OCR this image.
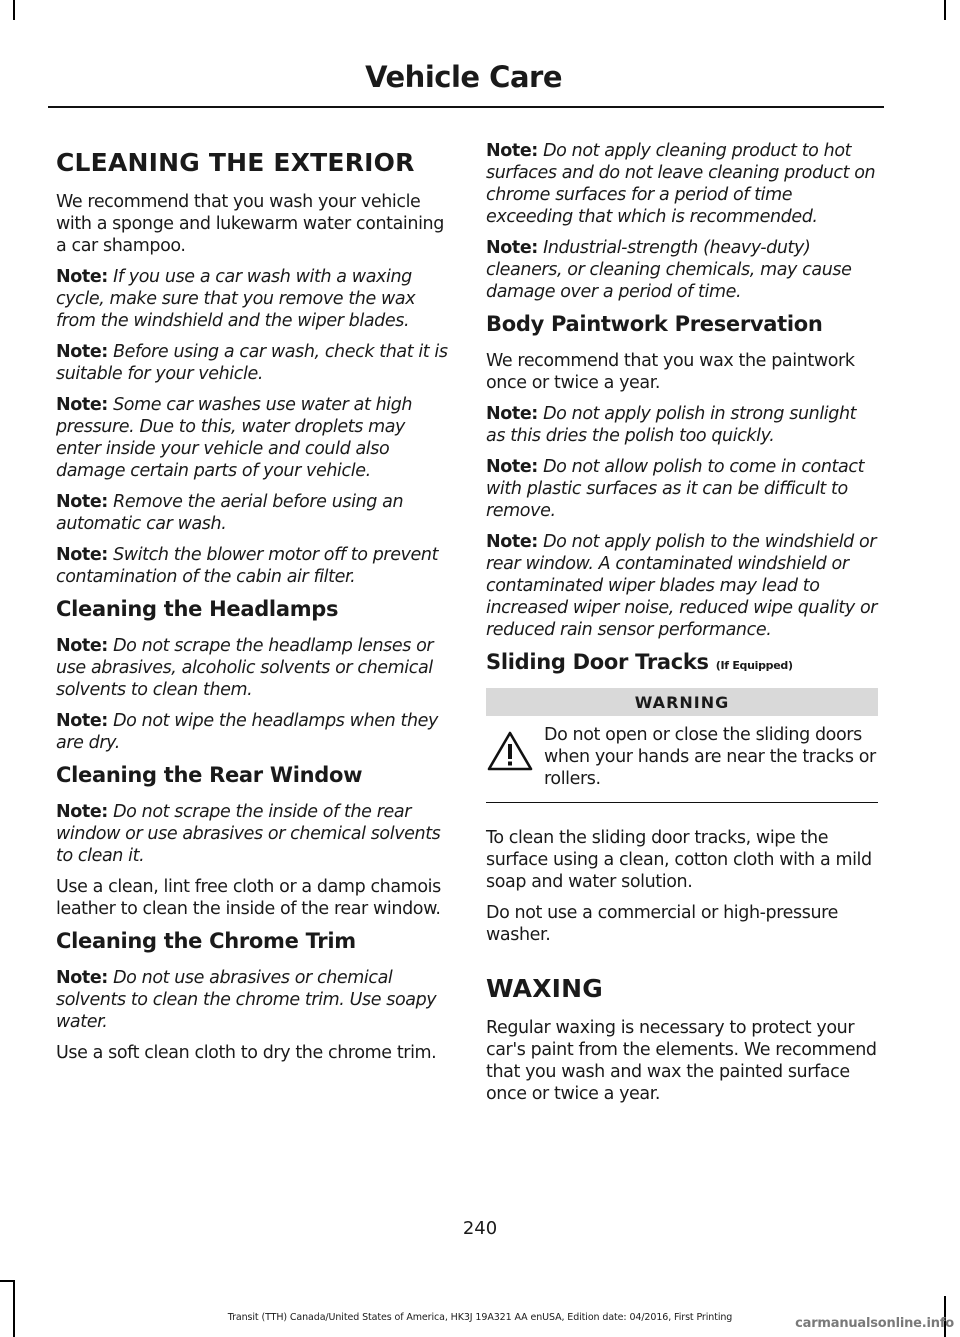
Vehicle Care
CLEANING THE EXTERIOR

We recommend that you wash your vehicle with a sponge and lukewarm water containing a car shampoo.

Note: If you use a car wash with a waxing cycle, make sure that you remove the wax from the windshield and the wiper blades.

Note: Before using a car wash, check that it is suitable for your vehicle.

Note: Some car washes use water at high pressure. Due to this, water droplets may enter inside your vehicle and could also damage certain parts of your vehicle.

Note: Remove the aerial before using an automatic car wash.

Note: Switch the blower motor off to prevent contamination of the cabin air filter.

Cleaning the Headlamps

Note: Do not scrape the headlamp lenses or use abrasives, alcoholic solvents or chemical solvents to clean them.

Note: Do not wipe the headlamps when they are dry.

Cleaning the Rear Window

Note: Do not scrape the inside of the rear window or use abrasives or chemical solvents to clean it.

Use a clean, lint free cloth or a damp chamois leather to clean the inside of the rear window.

Cleaning the Chrome Trim

Note: Do not use abrasives or chemical solvents to clean the chrome trim. Use soapy water.

Use a soft clean cloth to dry the chrome trim.

Note: Do not apply cleaning product to hot surfaces and do not leave cleaning product on chrome surfaces for a period of time exceeding that which is recommended.

Note: Industrial-strength (heavy-duty) cleaners, or cleaning chemicals, may cause damage over a period of time.

Body Paintwork Preservation

We recommend that you wax the paintwork once or twice a year.

Note: Do not apply polish in strong sunlight as this dries the polish too quickly.

Note: Do not allow polish to come in contact with plastic surfaces as it can be difficult to remove.

Note: Do not apply polish to the windshield or rear window. A contaminated windshield or contaminated wiper blades may lead to increased wiper noise, reduced wipe quality or reduced rain sensor performance.

Sliding Door Tracks (If Equipped)
WARNING

Do not open or close the sliding doors when your hands are near the tracks or rollers.

To clean the sliding door tracks, wipe the surface using a clean, cotton cloth with a mild soap and water solution.

Do not use a commercial or high-pressure washer.

WAXING

Regular waxing is necessary to protect your car's paint from the elements. We recommend that you wash and wax the painted surface once or twice a year.

240
Transit (TTH) Canada/United States of America, HK3J 19A321 AA enUSA, Edition date: 04/2016, First Printing	carmanualsonline.info
